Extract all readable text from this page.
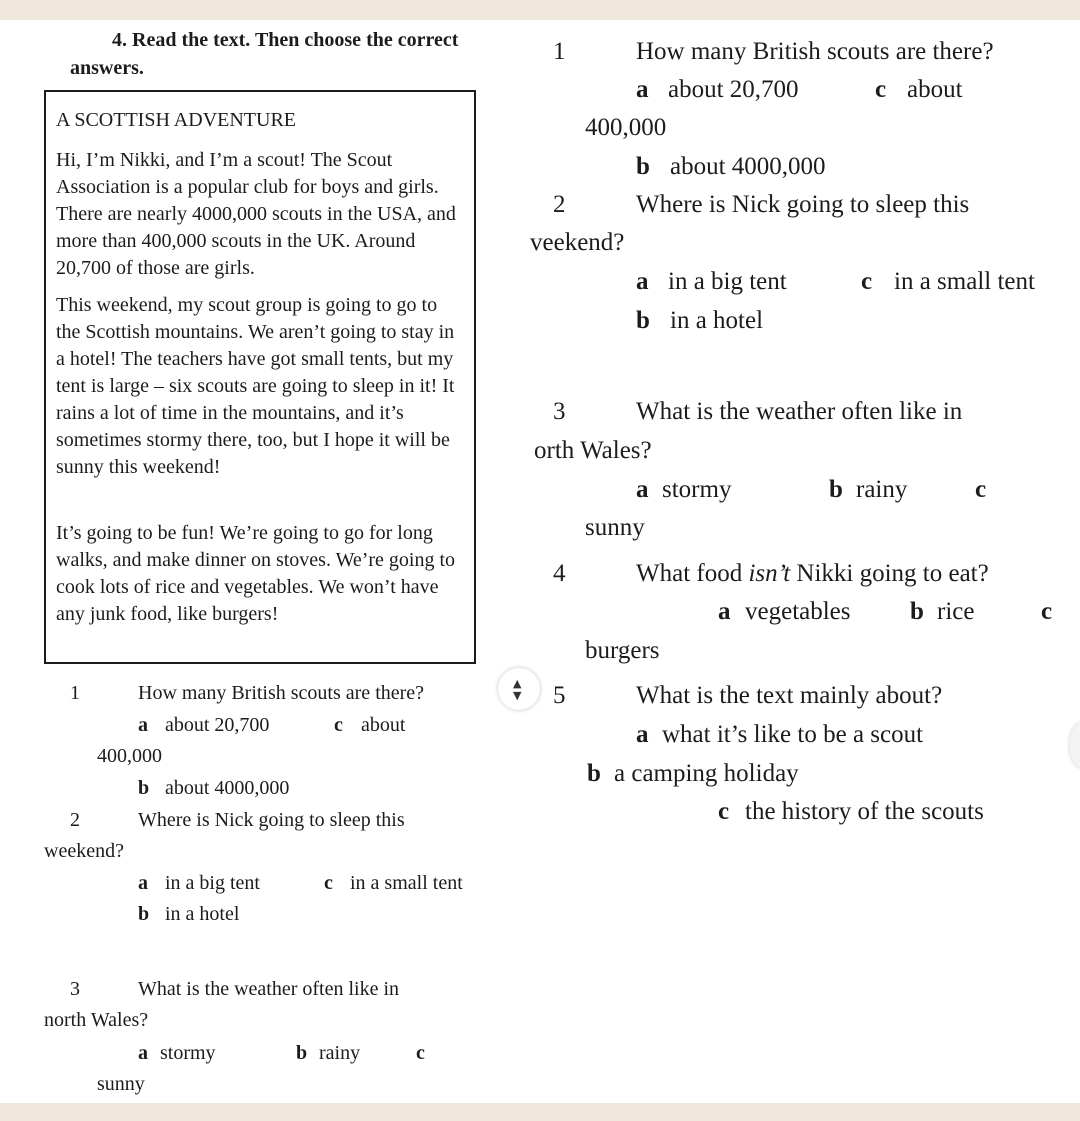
4. Read the text. Then choose the correct
answers.
A SCOTTISH ADVENTURE
Hi, I’m Nikki, and I’m a scout! The Scout Association is a popular club for boys and girls. There are nearly 4000,000 scouts in the USA, and more than 400,000 scouts in the UK. Around 20,700 of those are girls.
This weekend, my scout group is going to go to the Scottish mountains. We aren’t going to stay in a hotel! The teachers have got small tents, but my tent is large – six scouts are going to sleep in it! It rains a lot of time in the mountains, and it’s sometimes stormy there, too, but I hope it will be sunny this weekend!
It’s going to be fun! We’re going to go for long walks, and make dinner on stoves. We’re going to cook lots of rice and vegetables. We won’t have any junk food, like burgers!
1	How many British scouts are there?
a about 20,700	c about
400,000
b about 4000,000
2	Where is Nick going to sleep this
weekend?
a in a big tent	c in a small tent
b in a hotel
3	What is the weather often like in
north Wales?
a stormy	b rainy	c
sunny
▲
▼
1	How many British scouts are there?
a about 20,700	c about
400,000
b about 4000,000
2	Where is Nick going to sleep this
veekend?
a in a big tent	c in a small tent
b in a hotel
3	What is the weather often like in
orth Wales?
a stormy	b rainy	c
sunny
4	What food isn’t Nikki going to eat?
a vegetables b rice	c
burgers
5	What is the text mainly about?
a what it’s like to be a scout
b a camping holiday
c the history of the scouts
